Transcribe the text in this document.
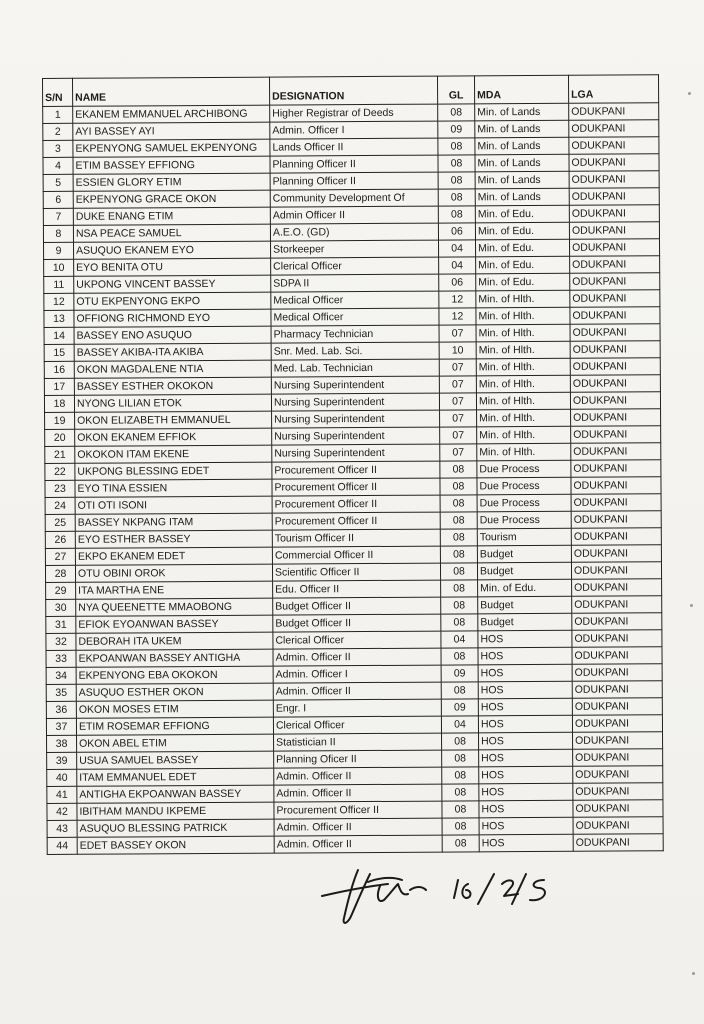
S/N	NAME	DESIGNATION	GL	MDA	LGA
1	EKANEM EMMANUEL ARCHIBONG	Higher Registrar of Deeds	08	Min. of Lands	ODUKPANI
2	AYI BASSEY AYI	Admin. Officer I	09	Min. of Lands	ODUKPANI
3	EKPENYONG SAMUEL EKPENYONG	Lands Officer II	08	Min. of Lands	ODUKPANI
4	ETIM BASSEY EFFIONG	Planning Officer II	08	Min. of Lands	ODUKPANI
5	ESSIEN GLORY ETIM	Planning Officer II	08	Min. of Lands	ODUKPANI
6	EKPENYONG GRACE OKON	Community Development Of	08	Min. of Lands	ODUKPANI
7	DUKE ENANG ETIM	Admin Officer II	08	Min. of Edu.	ODUKPANI
8	NSA PEACE SAMUEL	A.E.O. (GD)	06	Min. of Edu.	ODUKPANI
9	ASUQUO EKANEM EYO	Storkeeper	04	Min. of Edu.	ODUKPANI
10	EYO BENITA OTU	Clerical Officer	04	Min. of Edu.	ODUKPANI
11	UKPONG VINCENT BASSEY	SDPA II	06	Min. of Edu.	ODUKPANI
12	OTU EKPENYONG EKPO	Medical Officer	12	Min. of Hlth.	ODUKPANI
13	OFFIONG RICHMOND EYO	Medical Officer	12	Min. of Hlth.	ODUKPANI
14	BASSEY ENO ASUQUO	Pharmacy Technician	07	Min. of Hlth.	ODUKPANI
15	BASSEY AKIBA-ITA AKIBA	Snr. Med. Lab. Sci.	10	Min. of Hlth.	ODUKPANI
16	OKON MAGDALENE NTIA	Med. Lab. Technician	07	Min. of Hlth.	ODUKPANI
17	BASSEY ESTHER OKOKON	Nursing Superintendent	07	Min. of Hlth.	ODUKPANI
18	NYONG LILIAN ETOK	Nursing Superintendent	07	Min. of Hlth.	ODUKPANI
19	OKON ELIZABETH EMMANUEL	Nursing Superintendent	07	Min. of Hlth.	ODUKPANI
20	OKON EKANEM EFFIOK	Nursing Superintendent	07	Min. of Hlth.	ODUKPANI
21	OKOKON ITAM EKENE	Nursing Superintendent	07	Min. of Hlth.	ODUKPANI
22	UKPONG BLESSING EDET	Procurement Officer II	08	Due Process	ODUKPANI
23	EYO TINA ESSIEN	Procurement Officer II	08	Due Process	ODUKPANI
24	OTI OTI ISONI	Procurement Officer II	08	Due Process	ODUKPANI
25	BASSEY NKPANG ITAM	Procurement Officer II	08	Due Process	ODUKPANI
26	EYO ESTHER BASSEY	Tourism Officer II	08	Tourism	ODUKPANI
27	EKPO EKANEM EDET	Commercial Officer II	08	Budget	ODUKPANI
28	OTU OBINI OROK	Scientific Officer II	08	Budget	ODUKPANI
29	ITA MARTHA ENE	Edu. Officer II	08	Min. of Edu.	ODUKPANI
30	NYA QUEENETTE MMAOBONG	Budget Officer II	08	Budget	ODUKPANI
31	EFIOK EYOANWAN BASSEY	Budget Officer II	08	Budget	ODUKPANI
32	DEBORAH ITA UKEM	Clerical Officer	04	HOS	ODUKPANI
33	EKPOANWAN BASSEY ANTIGHA	Admin. Officer II	08	HOS	ODUKPANI
34	EKPENYONG EBA OKOKON	Admin. Officer I	09	HOS	ODUKPANI
35	ASUQUO ESTHER OKON	Admin. Officer II	08	HOS	ODUKPANI
36	OKON MOSES ETIM	Engr. I	09	HOS	ODUKPANI
37	ETIM ROSEMAR EFFIONG	Clerical Officer	04	HOS	ODUKPANI
38	OKON ABEL ETIM	Statistician II	08	HOS	ODUKPANI
39	USUA SAMUEL BASSEY	Planning Oficer II	08	HOS	ODUKPANI
40	ITAM EMMANUEL EDET	Admin. Officer II	08	HOS	ODUKPANI
41	ANTIGHA EKPOANWAN BASSEY	Admin. Officer II	08	HOS	ODUKPANI
42	IBITHAM MANDU IKPEME	Procurement Officer II	08	HOS	ODUKPANI
43	ASUQUO BLESSING PATRICK	Admin. Officer II	08	HOS	ODUKPANI
44	EDET BASSEY OKON	Admin. Officer II	08	HOS	ODUKPANI
